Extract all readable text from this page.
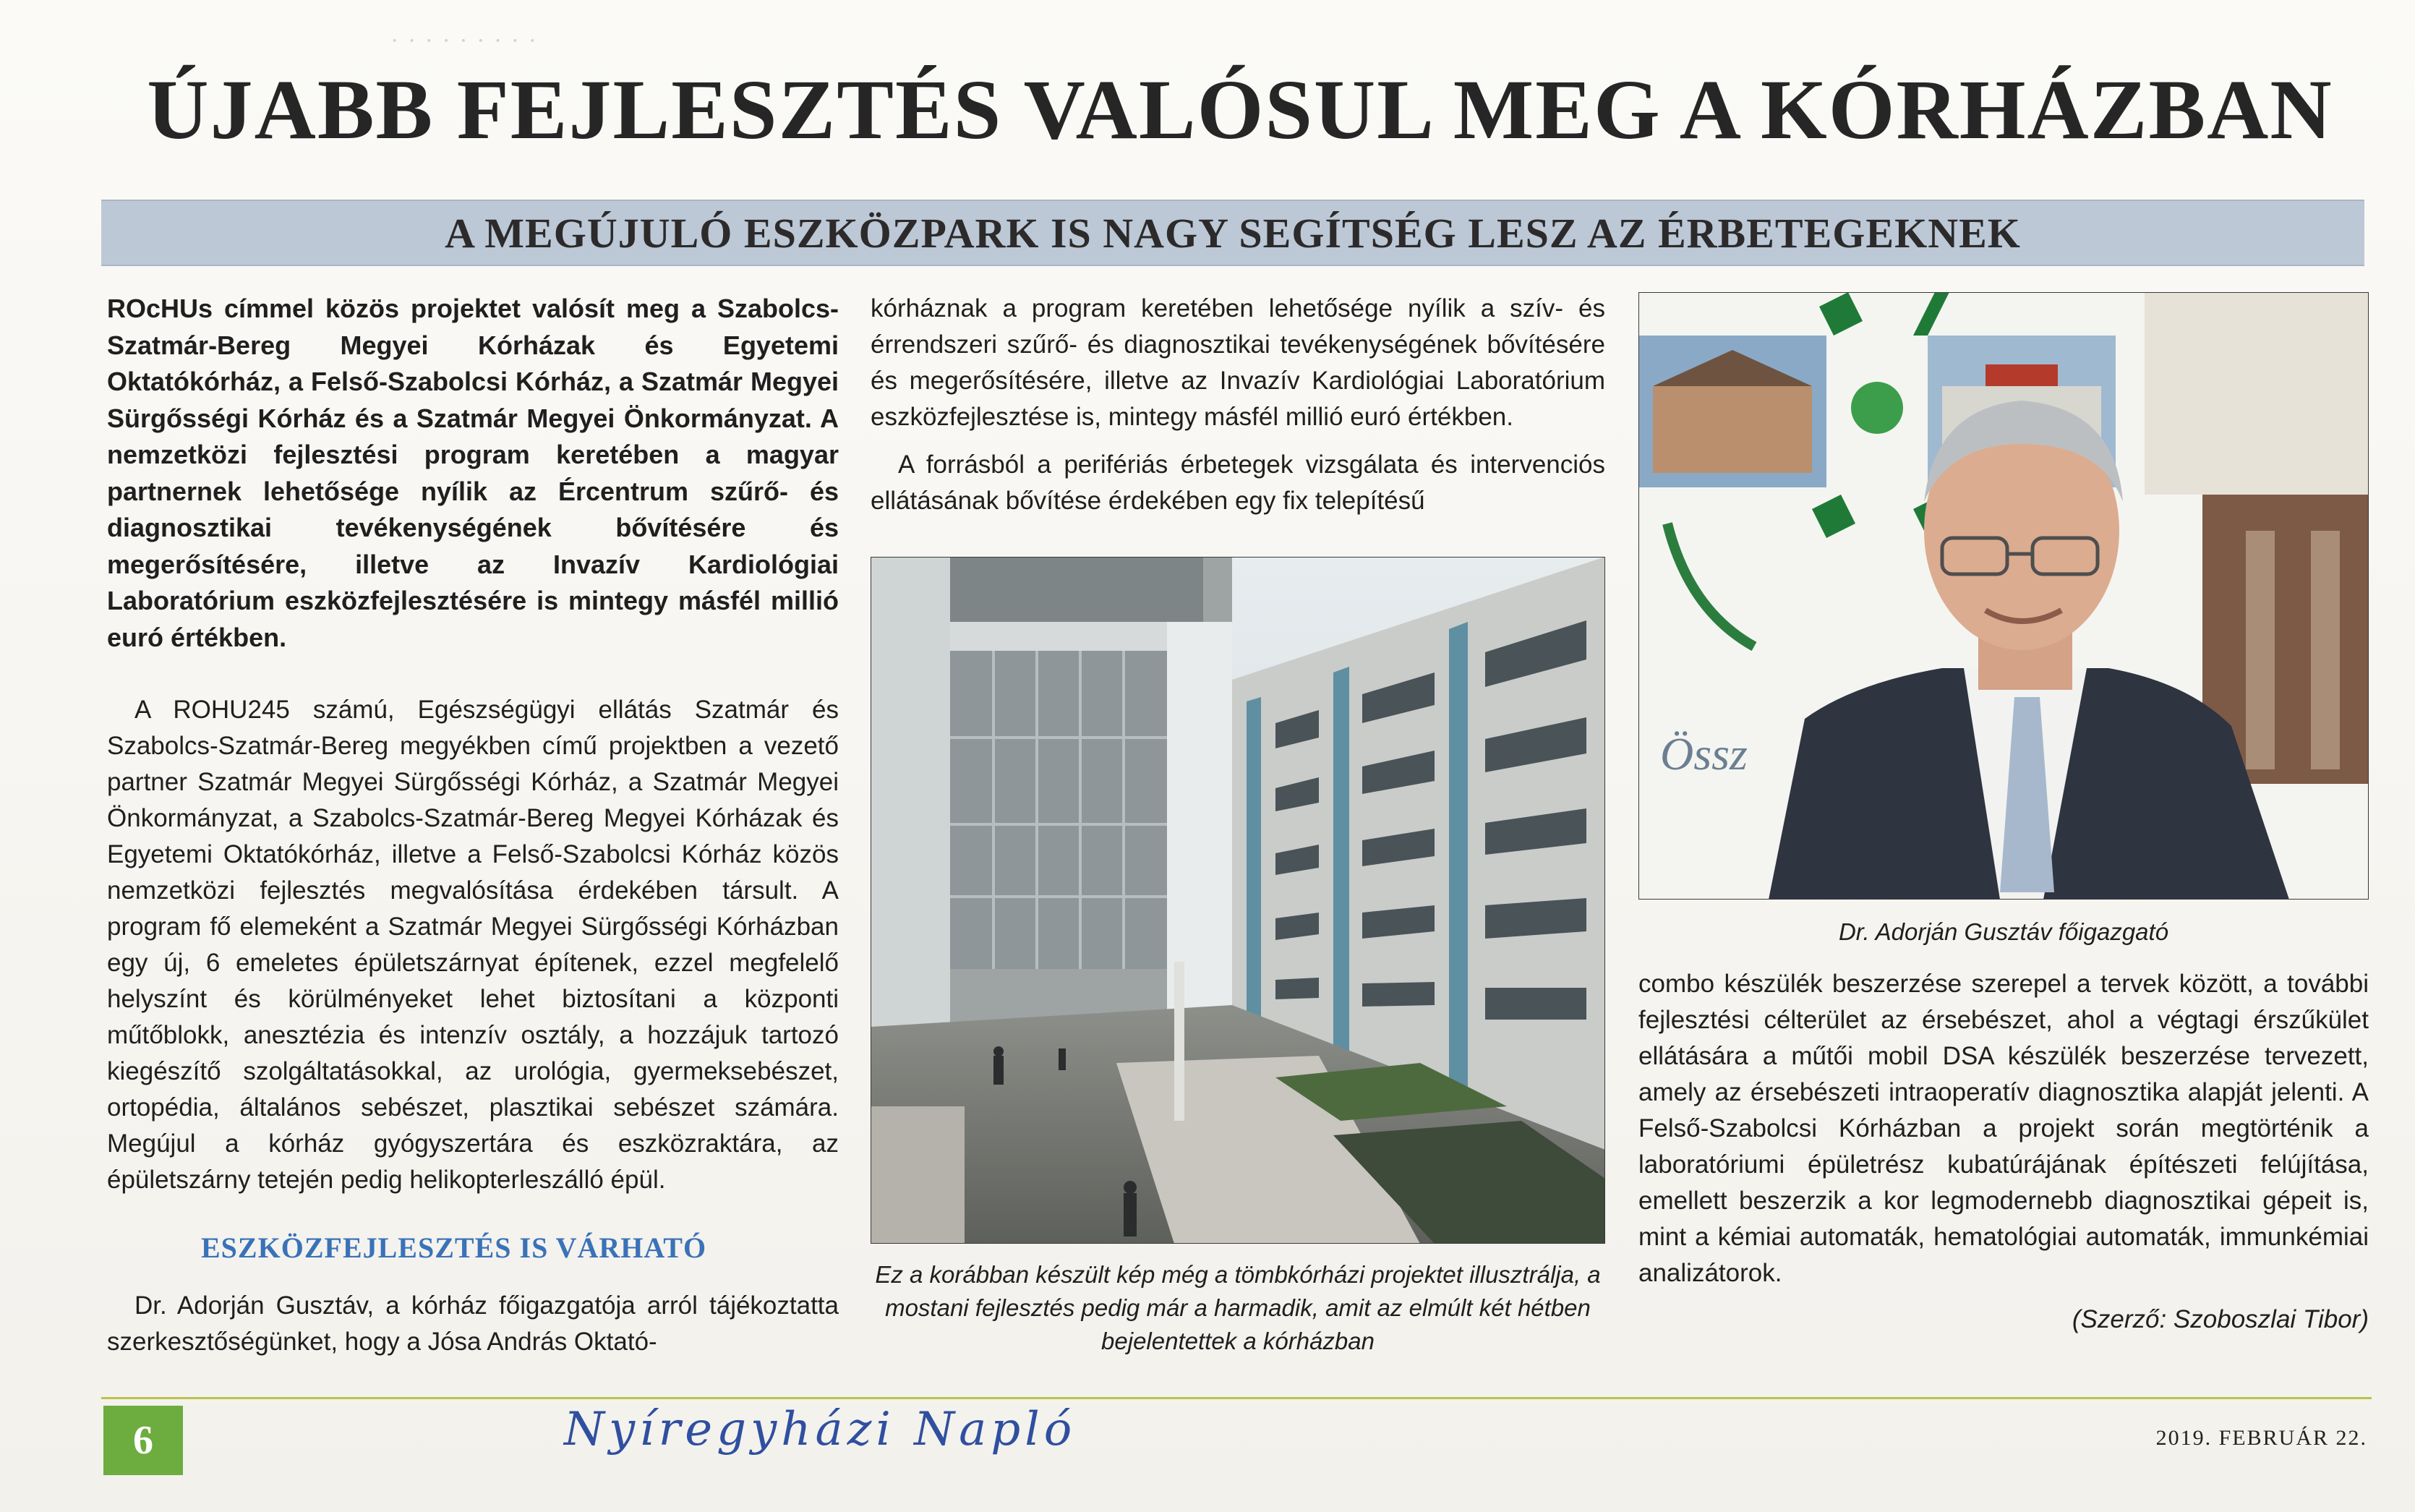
· · · · · · · · ·
ÚJABB FEJLESZTÉS VALÓSUL MEG A KÓRHÁZBAN
A MEGÚJULÓ ESZKÖZPARK IS NAGY SEGÍTSÉG LESZ AZ ÉRBETEGEKNEK

ROcHUs címmel közös projektet valósít meg a Szabolcs-Szatmár-Bereg Megyei Kórházak és Egyetemi Oktatókórház, a Felső-Szabolcsi Kórház, a Szatmár Megyei Sürgősségi Kórház és a Szatmár Megyei Önkormányzat. A nemzetközi fejlesztési program keretében a magyar partnernek lehetősége nyílik az Ércentrum szűrő- és diagnosztikai tevékenységének bővítésére és megerősítésére, illetve az Invazív Kardiológiai Laboratórium eszközfejlesztésére is mintegy másfél millió euró értékben.

A ROHU245 számú, Egészségügyi ellátás Szatmár és Szabolcs-Szatmár-Bereg megyékben című projektben a vezető partner Szatmár Megyei Sürgősségi Kórház, a Szatmár Megyei Önkormányzat, a Szabolcs-Szatmár-Bereg Megyei Kórházak és Egyetemi Oktatókórház, illetve a Felső-Szabolcsi Kórház közös nemzetközi fejlesztés megvalósítása érdekében társult. A program fő elemeként a Szatmár Megyei Sürgősségi Kórházban egy új, 6 emeletes épületszárnyat építenek, ezzel megfelelő helyszínt és körülményeket lehet biztosítani a központi műtőblokk, anesztézia és intenzív osztály, a hozzájuk tartozó kiegészítő szolgáltatásokkal, az urológia, gyermeksebészet, ortopédia, általános sebészet, plasztikai sebészet számára. Megújul a kórház gyógyszertára és eszközraktára, az épületszárny tetején pedig helikopterleszálló épül.

ESZKÖZFEJLESZTÉS IS VÁRHATÓ

Dr. Adorján Gusztáv, a kórház főigazgatója arról tájékoztatta szerkesztőségünket, hogy a Jósa András Oktató-

kórháznak a program keretében lehetősége nyílik a szív- és érrendszeri szűrő- és diagnosztikai tevékenységének bővítésére és megerősítésére, illetve az Invazív Kardiológiai Laboratórium eszközfejlesztése is, mintegy másfél millió euró értékben.

A forrásból a perifériás érbetegek vizsgálata és intervenciós ellátásának bővítése érdekében egy fix telepítésű

Ez a korábban készült kép még a tömbkórházi projektet illusztrálja, a mostani fejlesztés pedig már a harmadik, amit az elmúlt két hétben bejelentettek a kórházban
Össz
Dr. Adorján Gusztáv főigazgató

combo készülék beszerzése szerepel a tervek között, a további fejlesztési célterület az érsebészet, ahol a végtagi érszűkület ellátására a műtői mobil DSA készülék beszerzése tervezett, amely az érsebészeti intraoperatív diagnosztika alapját jelenti. A Felső-Szabolcsi Kórházban a projekt során megtörténik a laboratóriumi épületrész kubatúrájának építészeti felújítása, emellett beszerzik a kor legmodernebb diagnosztikai gépeit is, mint a kémiai automaták, hematológiai automaták, immunkémiai analizátorok.

(Szerző: Szoboszlai Tibor)

6	Nyíregyházi Napló	2019. FEBRUÁR 22.
